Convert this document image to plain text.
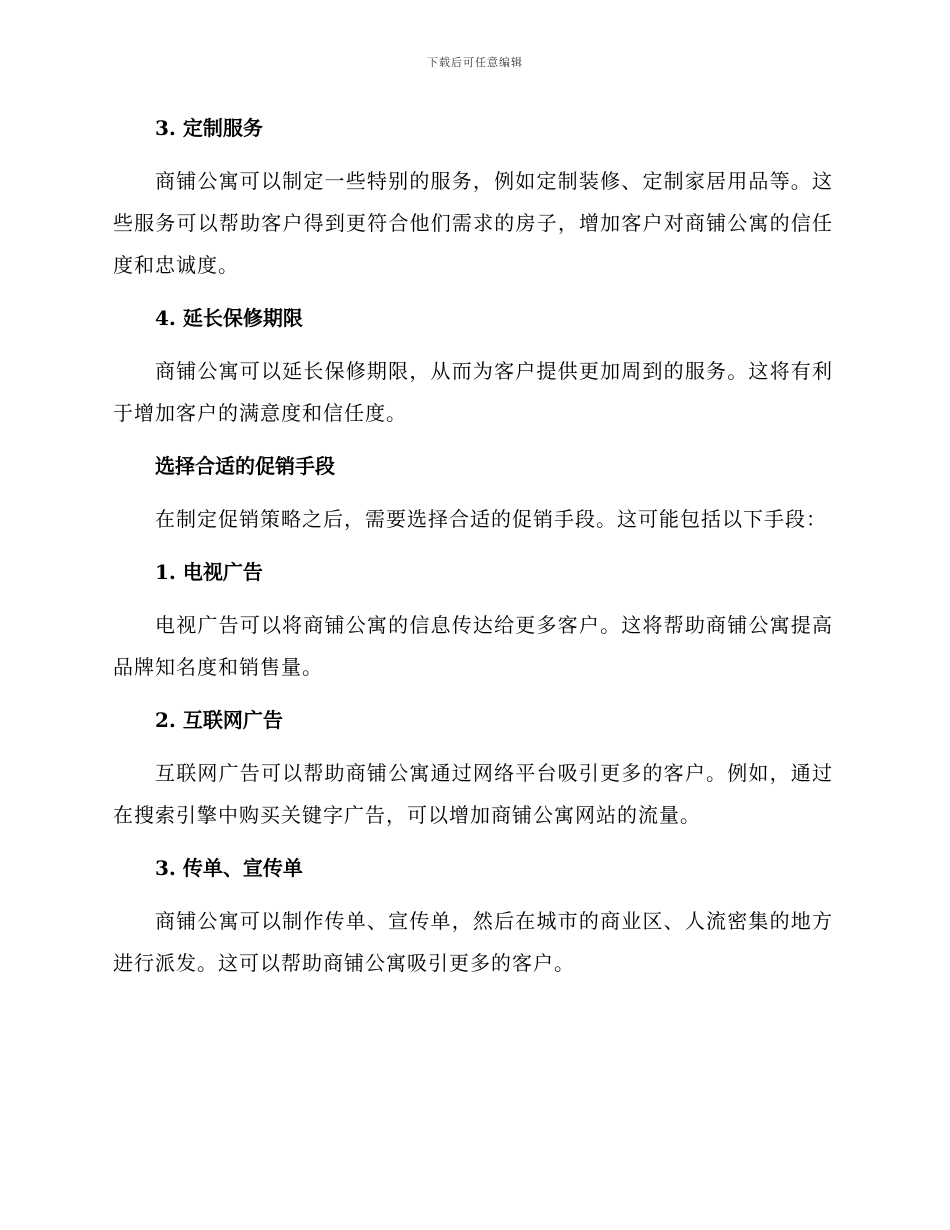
下载后可任意编辑
3. 定制服务
商铺公寓可以制定一些特别的服务，例如定制装修、定制家居用品等。这些服务可以帮助客户得到更符合他们需求的房子，增加客户对商铺公寓的信任度和忠诚度。
4. 延长保修期限
商铺公寓可以延长保修期限，从而为客户提供更加周到的服务。这将有利于增加客户的满意度和信任度。
选择合适的促销手段
在制定促销策略之后，需要选择合适的促销手段。这可能包括以下手段：
1. 电视广告
电视广告可以将商铺公寓的信息传达给更多客户。这将帮助商铺公寓提高品牌知名度和销售量。
2. 互联网广告
互联网广告可以帮助商铺公寓通过网络平台吸引更多的客户。例如，通过在搜索引擎中购买关键字广告，可以增加商铺公寓网站的流量。
3. 传单、宣传单
商铺公寓可以制作传单、宣传单，然后在城市的商业区、人流密集的地方进行派发。这可以帮助商铺公寓吸引更多的客户。
